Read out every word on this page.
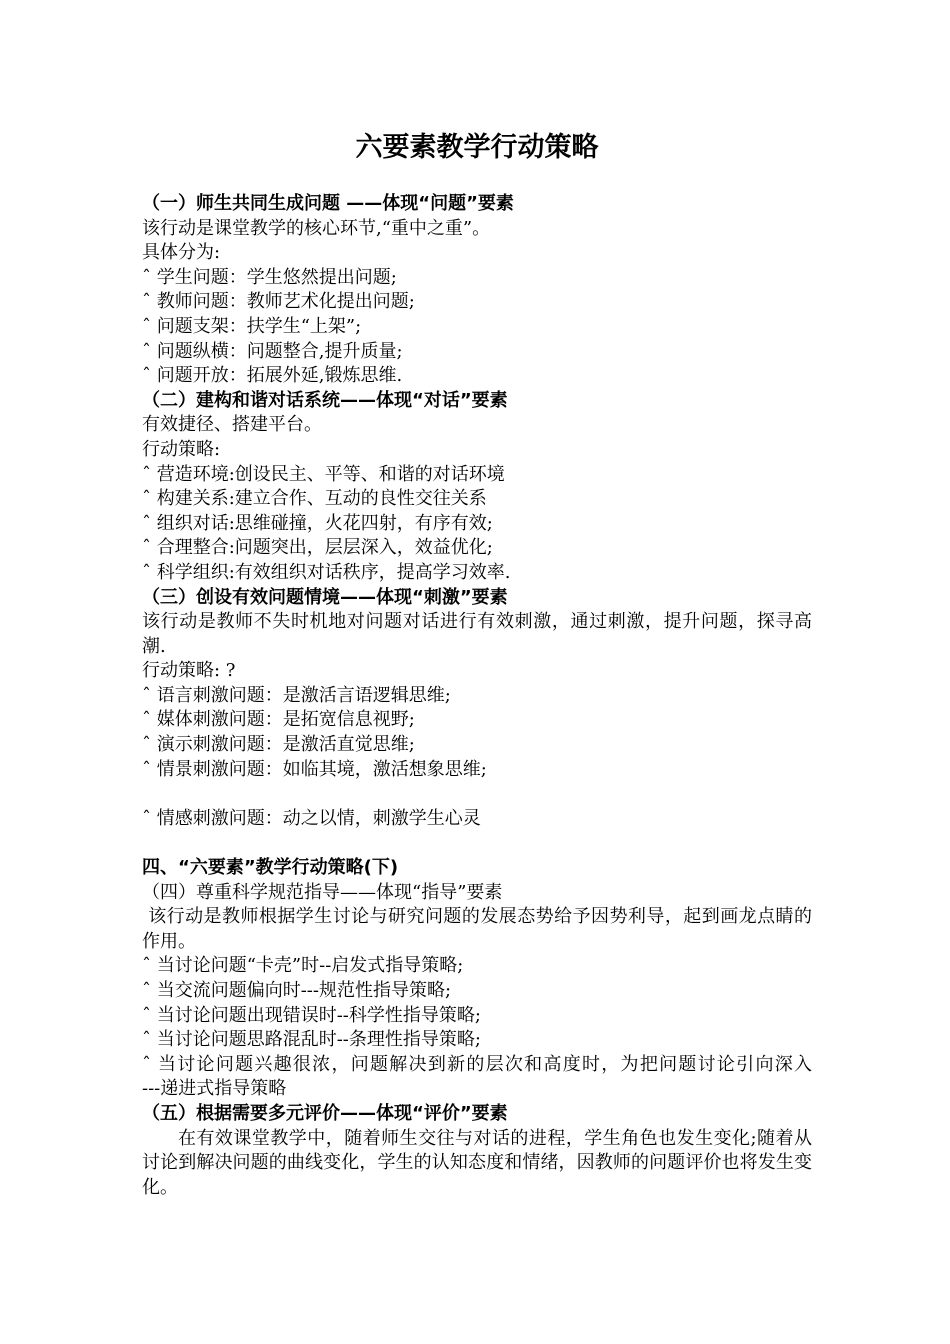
六要素教学行动策略

（一）师生共同生成问题 ——体现“问题”要素

该行动是课堂教学的核心环节,“重中之重”。

具体分为:

ˆ 学生问题：学生悠然提出问题;

ˆ 教师问题：教师艺术化提出问题;

ˆ 问题支架：扶学生“上架”;

ˆ 问题纵横：问题整合,提升质量;

ˆ 问题开放：拓展外延,锻炼思维.

（二）建构和谐对话系统——体现“对话”要素

有效捷径、搭建平台。

行动策略:

ˆ 营造环境:创设民主、平等、和谐的对话环境

ˆ 构建关系:建立合作、互动的良性交往关系

ˆ 组织对话:思维碰撞，火花四射，有序有效;

ˆ 合理整合:问题突出，层层深入，效益优化;

ˆ 科学组织:有效组织对话秩序，提高学习效率.

（三）创设有效问题情境——体现“刺激”要素

该行动是教师不失时机地对问题对话进行有效刺激，通过刺激，提升问题，探寻高潮.

行动策略: ?

ˆ 语言刺激问题：是激活言语逻辑思维;

ˆ 媒体刺激问题：是拓宽信息视野;

ˆ 演示刺激问题：是激活直觉思维;

ˆ 情景刺激问题：如临其境，激活想象思维;

ˆ 情感刺激问题：动之以情，刺激学生心灵

四、“六要素”教学行动策略(下)

（四）尊重科学规范指导——体现“指导”要素

该行动是教师根据学生讨论与研究问题的发展态势给予因势利导，起到画龙点睛的作用。

ˆ 当讨论问题“卡壳”时--启发式指导策略;

ˆ 当交流问题偏向时---规范性指导策略;

ˆ 当讨论问题出现错误时--科学性指导策略;

ˆ 当讨论问题思路混乱时--条理性指导策略;

ˆ 当讨论问题兴趣很浓，问题解决到新的层次和高度时，为把问题讨论引向深入        ---递进式指导策略

（五）根据需要多元评价——体现“评价”要素

在有效课堂教学中，随着师生交往与对话的进程，学生角色也发生变化;随着从讨论到解决问题的曲线变化，学生的认知态度和情绪，因教师的问题评价也将发生变化。
